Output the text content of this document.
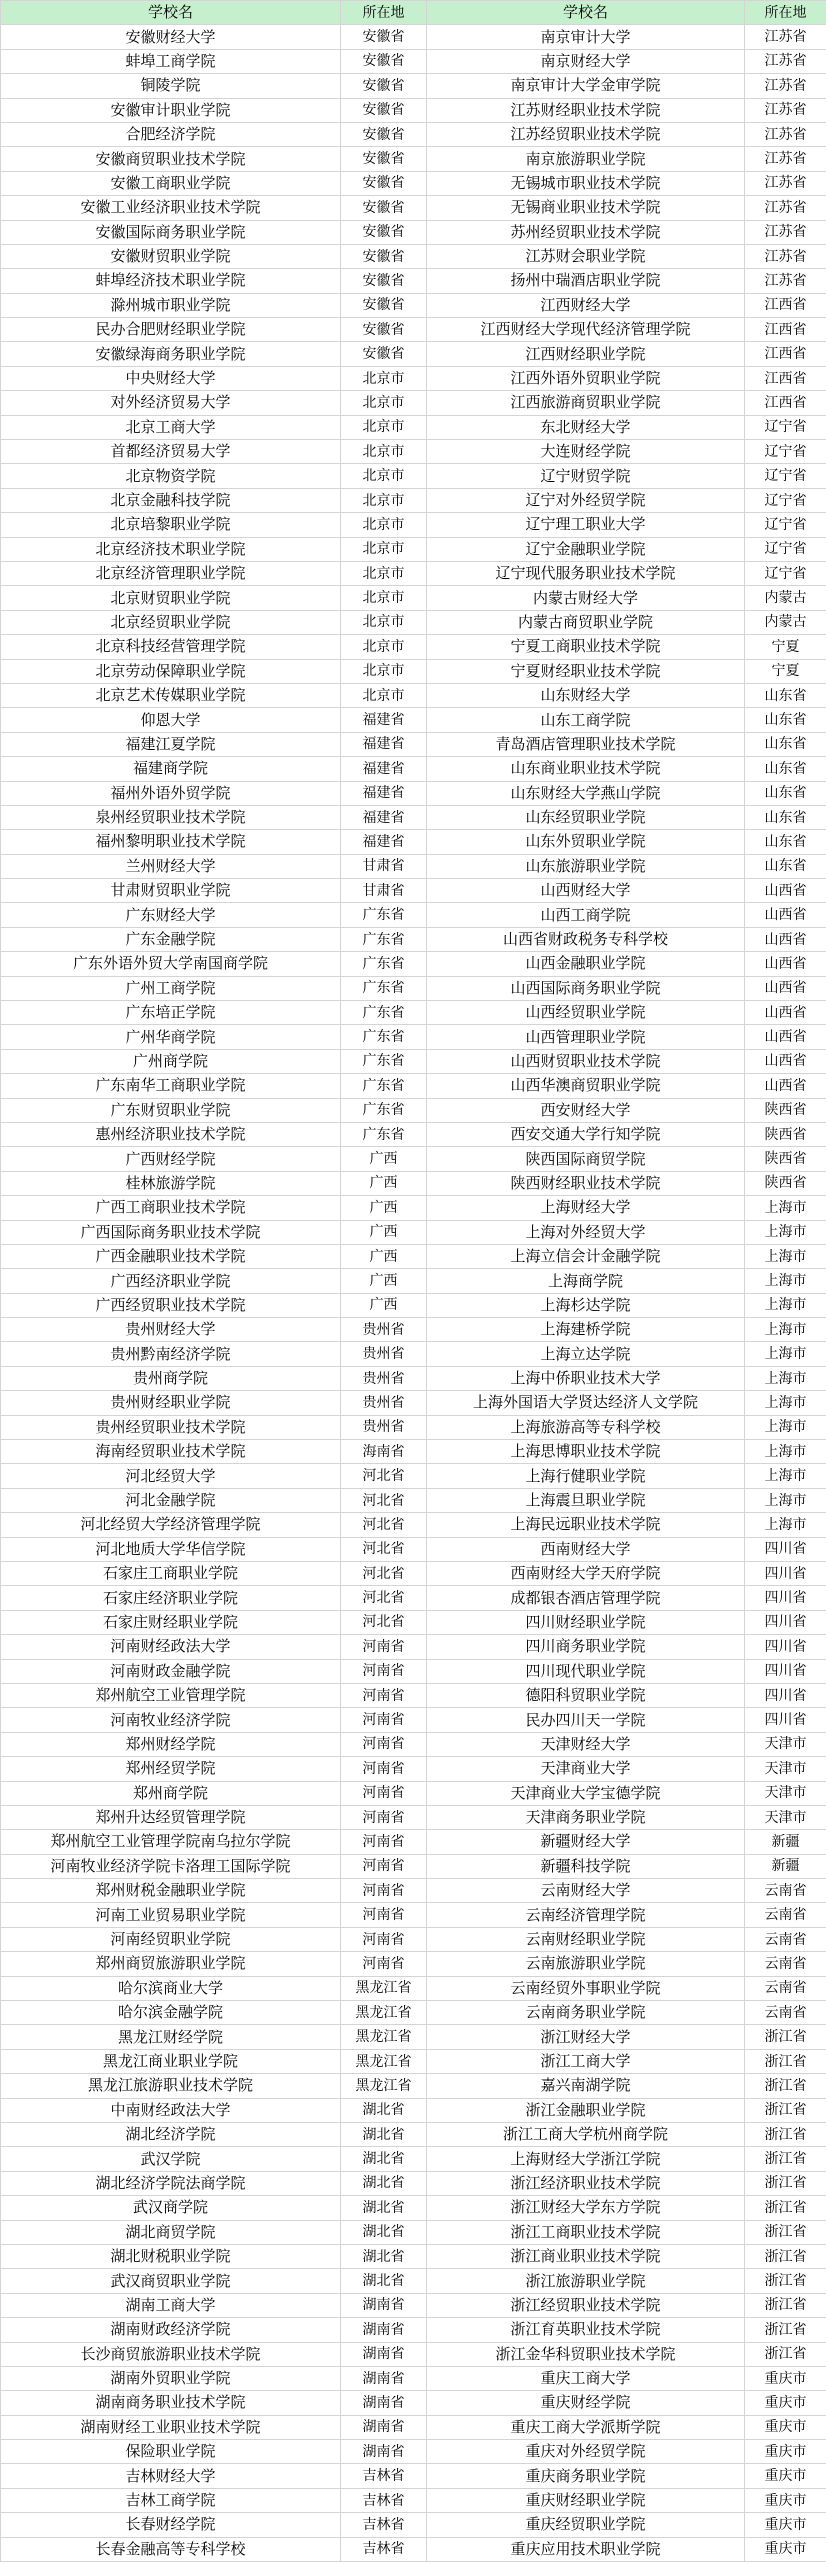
学校名	所在地	学校名	所在地
安徽财经大学	安徽省	南京审计大学	江苏省
蚌埠工商学院	安徽省	南京财经大学	江苏省
铜陵学院	安徽省	南京审计大学金审学院	江苏省
安徽审计职业学院	安徽省	江苏财经职业技术学院	江苏省
合肥经济学院	安徽省	江苏经贸职业技术学院	江苏省
安徽商贸职业技术学院	安徽省	南京旅游职业学院	江苏省
安徽工商职业学院	安徽省	无锡城市职业技术学院	江苏省
安徽工业经济职业技术学院	安徽省	无锡商业职业技术学院	江苏省
安徽国际商务职业学院	安徽省	苏州经贸职业技术学院	江苏省
安徽财贸职业学院	安徽省	江苏财会职业学院	江苏省
蚌埠经济技术职业学院	安徽省	扬州中瑞酒店职业学院	江苏省
滁州城市职业学院	安徽省	江西财经大学	江西省
民办合肥财经职业学院	安徽省	江西财经大学现代经济管理学院	江西省
安徽绿海商务职业学院	安徽省	江西财经职业学院	江西省
中央财经大学	北京市	江西外语外贸职业学院	江西省
对外经济贸易大学	北京市	江西旅游商贸职业学院	江西省
北京工商大学	北京市	东北财经大学	辽宁省
首都经济贸易大学	北京市	大连财经学院	辽宁省
北京物资学院	北京市	辽宁财贸学院	辽宁省
北京金融科技学院	北京市	辽宁对外经贸学院	辽宁省
北京培黎职业学院	北京市	辽宁理工职业大学	辽宁省
北京经济技术职业学院	北京市	辽宁金融职业学院	辽宁省
北京经济管理职业学院	北京市	辽宁现代服务职业技术学院	辽宁省
北京财贸职业学院	北京市	内蒙古财经大学	内蒙古
北京经贸职业学院	北京市	内蒙古商贸职业学院	内蒙古
北京科技经营管理学院	北京市	宁夏工商职业技术学院	宁夏
北京劳动保障职业学院	北京市	宁夏财经职业技术学院	宁夏
北京艺术传媒职业学院	北京市	山东财经大学	山东省
仰恩大学	福建省	山东工商学院	山东省
福建江夏学院	福建省	青岛酒店管理职业技术学院	山东省
福建商学院	福建省	山东商业职业技术学院	山东省
福州外语外贸学院	福建省	山东财经大学燕山学院	山东省
泉州经贸职业技术学院	福建省	山东经贸职业学院	山东省
福州黎明职业技术学院	福建省	山东外贸职业学院	山东省
兰州财经大学	甘肃省	山东旅游职业学院	山东省
甘肃财贸职业学院	甘肃省	山西财经大学	山西省
广东财经大学	广东省	山西工商学院	山西省
广东金融学院	广东省	山西省财政税务专科学校	山西省
广东外语外贸大学南国商学院	广东省	山西金融职业学院	山西省
广州工商学院	广东省	山西国际商务职业学院	山西省
广东培正学院	广东省	山西经贸职业学院	山西省
广州华商学院	广东省	山西管理职业学院	山西省
广州商学院	广东省	山西财贸职业技术学院	山西省
广东南华工商职业学院	广东省	山西华澳商贸职业学院	山西省
广东财贸职业学院	广东省	西安财经大学	陕西省
惠州经济职业技术学院	广东省	西安交通大学行知学院	陕西省
广西财经学院	广西	陕西国际商贸学院	陕西省
桂林旅游学院	广西	陕西财经职业技术学院	陕西省
广西工商职业技术学院	广西	上海财经大学	上海市
广西国际商务职业技术学院	广西	上海对外经贸大学	上海市
广西金融职业技术学院	广西	上海立信会计金融学院	上海市
广西经济职业学院	广西	上海商学院	上海市
广西经贸职业技术学院	广西	上海杉达学院	上海市
贵州财经大学	贵州省	上海建桥学院	上海市
贵州黔南经济学院	贵州省	上海立达学院	上海市
贵州商学院	贵州省	上海中侨职业技术大学	上海市
贵州财经职业学院	贵州省	上海外国语大学贤达经济人文学院	上海市
贵州经贸职业技术学院	贵州省	上海旅游高等专科学校	上海市
海南经贸职业技术学院	海南省	上海思博职业技术学院	上海市
河北经贸大学	河北省	上海行健职业学院	上海市
河北金融学院	河北省	上海震旦职业学院	上海市
河北经贸大学经济管理学院	河北省	上海民远职业技术学院	上海市
河北地质大学华信学院	河北省	西南财经大学	四川省
石家庄工商职业学院	河北省	西南财经大学天府学院	四川省
石家庄经济职业学院	河北省	成都银杏酒店管理学院	四川省
石家庄财经职业学院	河北省	四川财经职业学院	四川省
河南财经政法大学	河南省	四川商务职业学院	四川省
河南财政金融学院	河南省	四川现代职业学院	四川省
郑州航空工业管理学院	河南省	德阳科贸职业学院	四川省
河南牧业经济学院	河南省	民办四川天一学院	四川省
郑州财经学院	河南省	天津财经大学	天津市
郑州经贸学院	河南省	天津商业大学	天津市
郑州商学院	河南省	天津商业大学宝德学院	天津市
郑州升达经贸管理学院	河南省	天津商务职业学院	天津市
郑州航空工业管理学院南乌拉尔学院	河南省	新疆财经大学	新疆
河南牧业经济学院卡洛理工国际学院	河南省	新疆科技学院	新疆
郑州财税金融职业学院	河南省	云南财经大学	云南省
河南工业贸易职业学院	河南省	云南经济管理学院	云南省
河南经贸职业学院	河南省	云南财经职业学院	云南省
郑州商贸旅游职业学院	河南省	云南旅游职业学院	云南省
哈尔滨商业大学	黑龙江省	云南经贸外事职业学院	云南省
哈尔滨金融学院	黑龙江省	云南商务职业学院	云南省
黑龙江财经学院	黑龙江省	浙江财经大学	浙江省
黑龙江商业职业学院	黑龙江省	浙江工商大学	浙江省
黑龙江旅游职业技术学院	黑龙江省	嘉兴南湖学院	浙江省
中南财经政法大学	湖北省	浙江金融职业学院	浙江省
湖北经济学院	湖北省	浙江工商大学杭州商学院	浙江省
武汉学院	湖北省	上海财经大学浙江学院	浙江省
湖北经济学院法商学院	湖北省	浙江经济职业技术学院	浙江省
武汉商学院	湖北省	浙江财经大学东方学院	浙江省
湖北商贸学院	湖北省	浙江工商职业技术学院	浙江省
湖北财税职业学院	湖北省	浙江商业职业技术学院	浙江省
武汉商贸职业学院	湖北省	浙江旅游职业学院	浙江省
湖南工商大学	湖南省	浙江经贸职业技术学院	浙江省
湖南财政经济学院	湖南省	浙江育英职业技术学院	浙江省
长沙商贸旅游职业技术学院	湖南省	浙江金华科贸职业技术学院	浙江省
湖南外贸职业学院	湖南省	重庆工商大学	重庆市
湖南商务职业技术学院	湖南省	重庆财经学院	重庆市
湖南财经工业职业技术学院	湖南省	重庆工商大学派斯学院	重庆市
保险职业学院	湖南省	重庆对外经贸学院	重庆市
吉林财经大学	吉林省	重庆商务职业学院	重庆市
吉林工商学院	吉林省	重庆财经职业学院	重庆市
长春财经学院	吉林省	重庆经贸职业学院	重庆市
长春金融高等专科学校	吉林省	重庆应用技术职业学院	重庆市
